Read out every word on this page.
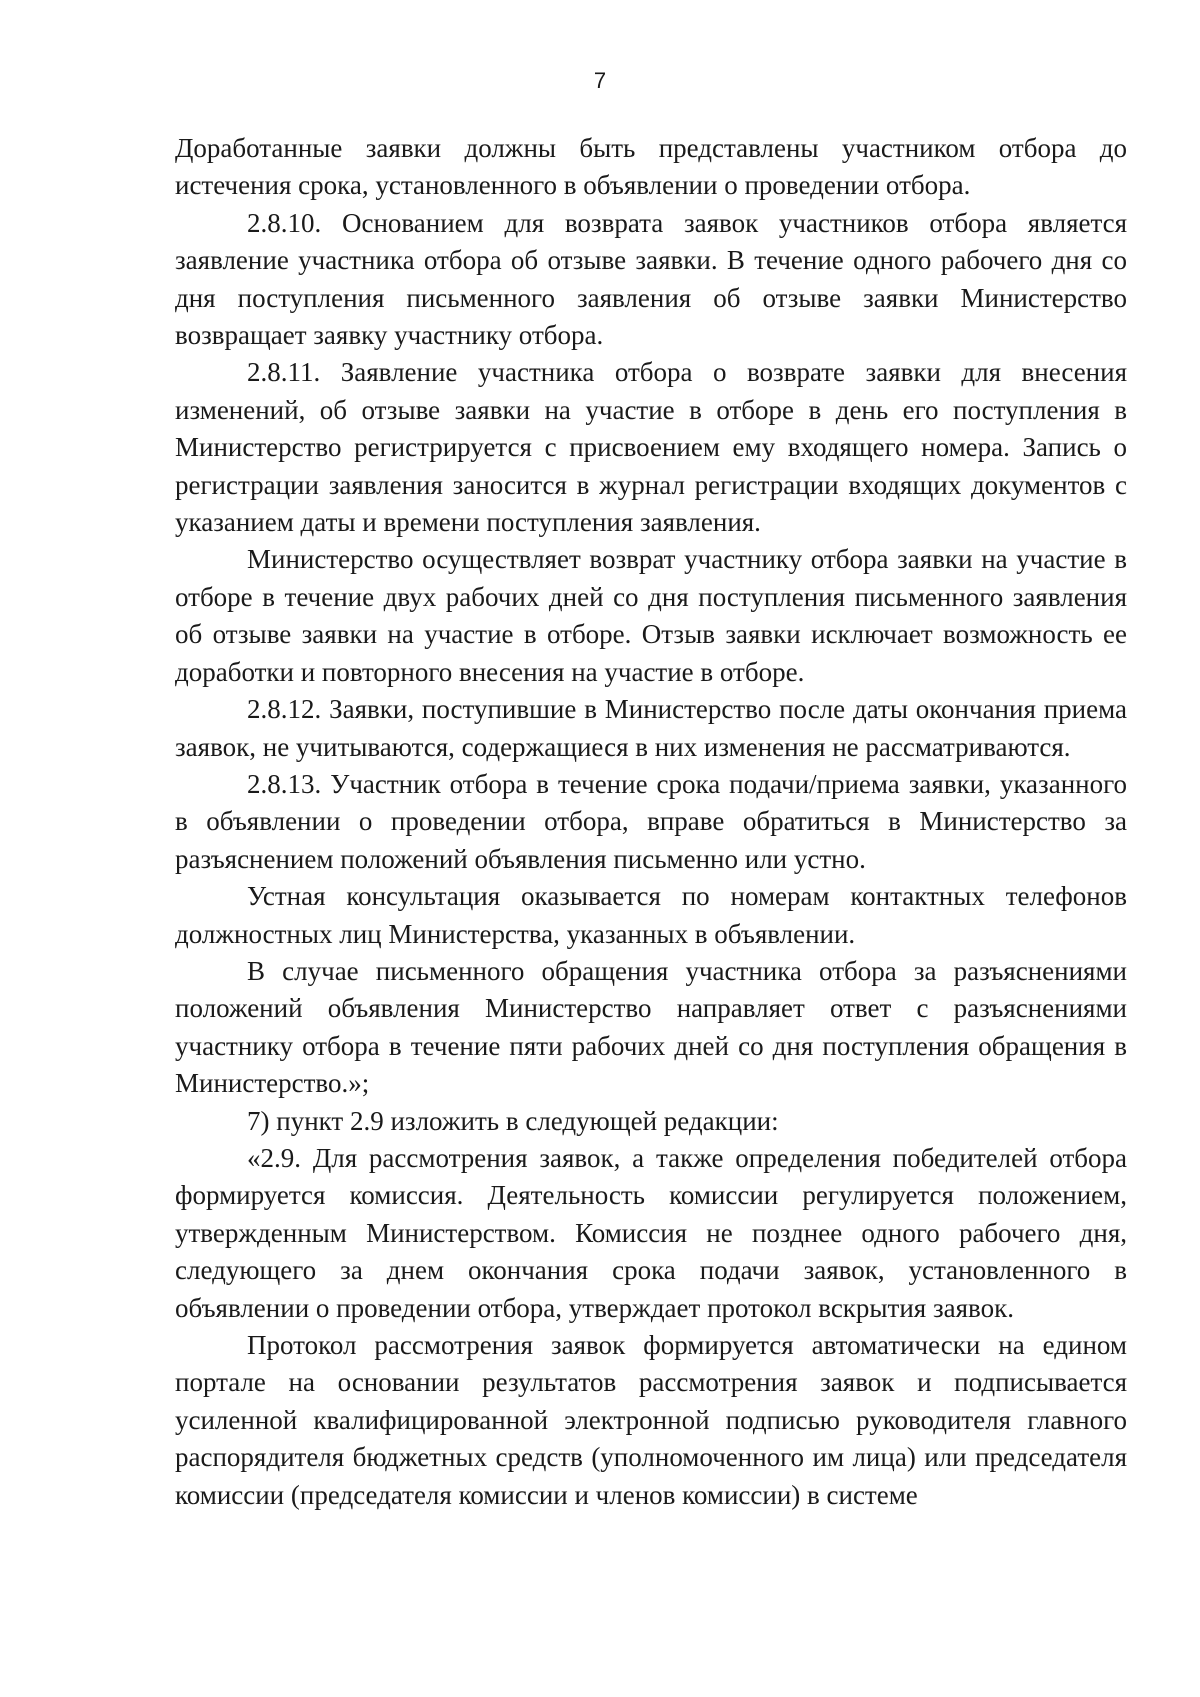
7

Доработанные заявки должны быть представлены участником отбора до истечения срока, установленного в объявлении о проведении отбора.

2.8.10. Основанием для возврата заявок участников отбора является заявление участника отбора об отзыве заявки. В течение одного рабочего дня со дня поступления письменного заявления об отзыве заявки Министерство возвращает заявку участнику отбора.

2.8.11. Заявление участника отбора о возврате заявки для внесения изменений, об отзыве заявки на участие в отборе в день его поступления в Министерство регистрируется с присвоением ему входящего номера. Запись о регистрации заявления заносится в журнал регистрации входящих документов с указанием даты и времени поступления заявления.

Министерство осуществляет возврат участнику отбора заявки на участие в отборе в течение двух рабочих дней со дня поступления письменного заявления об отзыве заявки на участие в отборе. Отзыв заявки исключает возможность ее доработки и повторного внесения на участие в отборе.

2.8.12. Заявки, поступившие в Министерство после даты окончания приема заявок, не учитываются, содержащиеся в них изменения не рассматриваются.

2.8.13. Участник отбора в течение срока подачи/приема заявки, указанного в объявлении о проведении отбора, вправе обратиться в Министерство за разъяснением положений объявления письменно или устно.

Устная консультация оказывается по номерам контактных телефонов должностных лиц Министерства, указанных в объявлении.

В случае письменного обращения участника отбора за разъяснениями положений объявления Министерство направляет ответ с разъяснениями участнику отбора в течение пяти рабочих дней со дня поступления обращения в Министерство.»;

7) пункт 2.9 изложить в следующей редакции:

«2.9. Для рассмотрения заявок, а также определения победителей отбора формируется комиссия. Деятельность комиссии регулируется положением, утвержденным Министерством. Комиссия не позднее одного рабочего дня, следующего за днем окончания срока подачи заявок, установленного в объявлении о проведении отбора, утверждает протокол вскрытия заявок.

Протокол рассмотрения заявок формируется автоматически на едином портале на основании результатов рассмотрения заявок и подписывается усиленной квалифицированной электронной подписью руководителя главного распорядителя бюджетных средств (уполномоченного им лица) или председателя комиссии (председателя комиссии и членов комиссии) в системе
